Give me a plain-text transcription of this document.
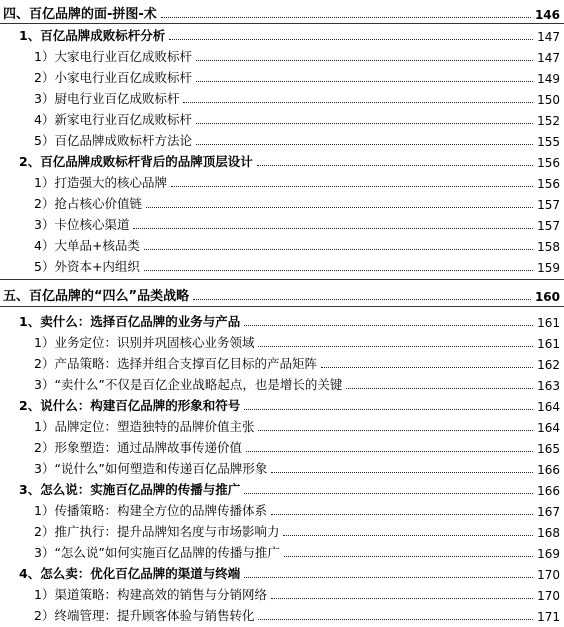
四、百亿品牌的面-拼图-术	146
1、百亿品牌成败标杆分析	147
1）大家电行业百亿成败标杆	147
2）小家电行业百亿成败标杆	149
3）厨电行业百亿成败标杆	150
4）新家电行业百亿成败标杆	152
5）百亿品牌成败标杆方法论	155
2、百亿品牌成败标杆背后的品牌顶层设计	156
1）打造强大的核心品牌	156
2）抢占核心价值链	157
3）卡位核心渠道	157
4）大单品+核品类	158
5）外资本+内组织	159
五、百亿品牌的“四么”品类战略	160
1、卖什么：选择百亿品牌的业务与产品	161
1）业务定位：识别并巩固核心业务领域	161
2）产品策略：选择并组合支撑百亿目标的产品矩阵	162
3）“卖什么”不仅是百亿企业战略起点，也是增长的关键	163
2、说什么：构建百亿品牌的形象和符号	164
1）品牌定位：塑造独特的品牌价值主张	164
2）形象塑造：通过品牌故事传递价值	165
3）“说什么”如何塑造和传递百亿品牌形象	166
3、怎么说：实施百亿品牌的传播与推广	166
1）传播策略：构建全方位的品牌传播体系	167
2）推广执行：提升品牌知名度与市场影响力	168
3）“怎么说”如何实施百亿品牌的传播与推广	169
4、怎么卖：优化百亿品牌的渠道与终端	170
1）渠道策略：构建高效的销售与分销网络	170
2）终端管理：提升顾客体验与销售转化	171
